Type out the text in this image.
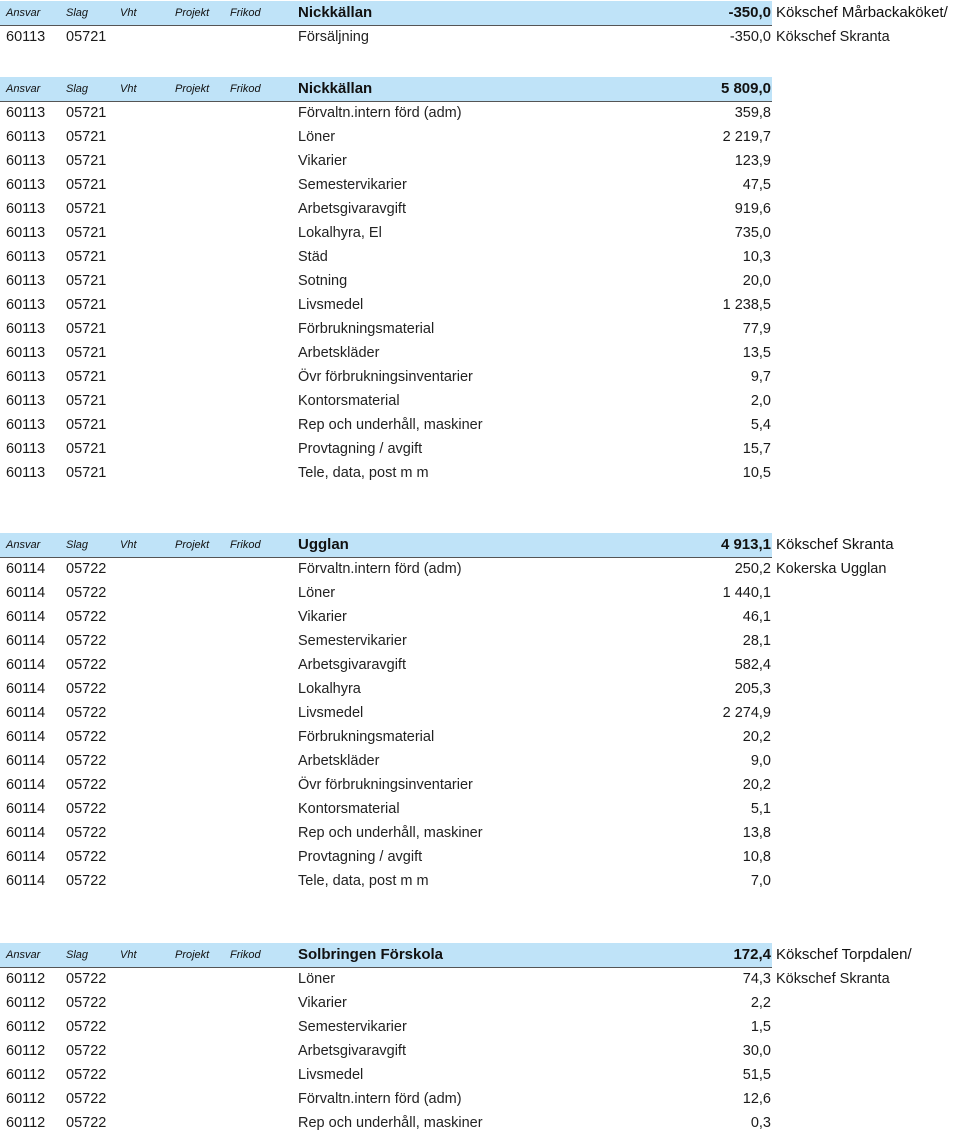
Ansvar Slag	Vht	Projekt Frikod Nickkällan	-350,0 Kökschef Mårbackaköket/
60113 05721	Försäljning	-350,0 Kökschef Skranta
Ansvar Slag	Vht	Projekt Frikod Nickkällan	5 809,0
60113 05721	Förvaltn.intern förd (adm)	359,8
60113 05721	Löner	2 219,7
60113 05721	Vikarier	123,9
60113 05721	Semestervikarier	47,5
60113 05721	Arbetsgivaravgift	919,6
60113 05721	Lokalhyra, El	735,0
60113 05721	Städ	10,3
60113 05721	Sotning	20,0
60113 05721	Livsmedel	1 238,5
60113 05721	Förbrukningsmaterial	77,9
60113 05721	Arbetskläder	13,5
60113 05721	Övr förbrukningsinventarier	9,7
60113 05721	Kontorsmaterial	2,0
60113 05721	Rep och underhåll, maskiner	5,4
60113 05721	Provtagning / avgift	15,7
60113 05721	Tele, data, post m m	10,5
Ansvar Slag	Vht	Projekt Frikod Ugglan	4 913,1 Kökschef Skranta
60114 05722	Förvaltn.intern förd (adm)	250,2 Kokerska Ugglan
60114 05722	Löner	1 440,1
60114 05722	Vikarier	46,1
60114 05722	Semestervikarier	28,1
60114 05722	Arbetsgivaravgift	582,4
60114 05722	Lokalhyra	205,3
60114 05722	Livsmedel	2 274,9
60114 05722	Förbrukningsmaterial	20,2
60114 05722	Arbetskläder	9,0
60114 05722	Övr förbrukningsinventarier	20,2
60114 05722	Kontorsmaterial	5,1
60114 05722	Rep och underhåll, maskiner	13,8
60114 05722	Provtagning / avgift	10,8
60114 05722	Tele, data, post m m	7,0
Ansvar Slag	Vht	Projekt Frikod Solbringen Förskola	172,4 Kökschef Torpdalen/
60112 05722	Löner	74,3 Kökschef Skranta
60112 05722	Vikarier	2,2
60112 05722	Semestervikarier	1,5
60112 05722	Arbetsgivaravgift	30,0
60112 05722	Livsmedel	51,5
60112 05722	Förvaltn.intern förd (adm)	12,6
60112 05722	Rep och underhåll, maskiner	0,3
